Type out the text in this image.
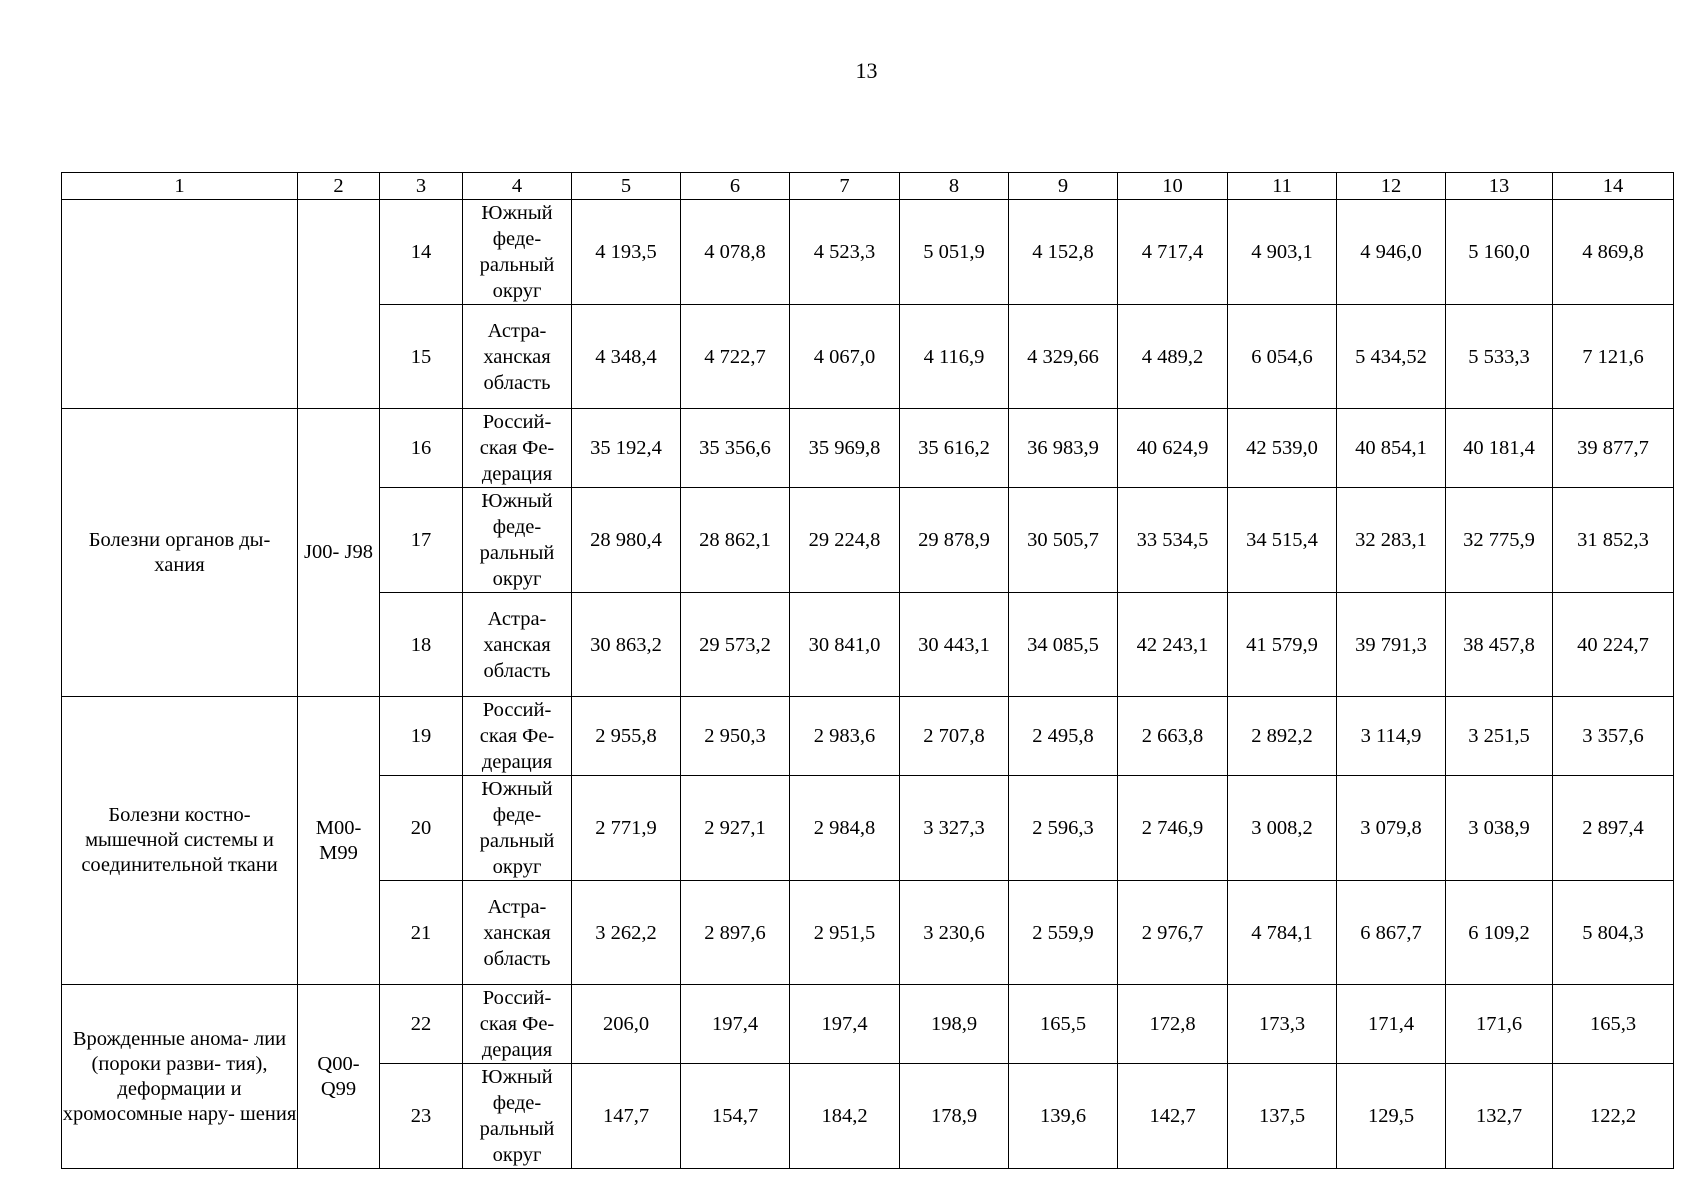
13
1	2	3	4	5	6	7	8	9	10	11	12	13	14
		14	Южный феде- ральный округ	4 193,5	4 078,8	4 523,3	5 051,9	4 152,8	4 717,4	4 903,1	4 946,0	5 160,0	4 869,8
		15	Астра- ханская область	4 348,4	4 722,7	4 067,0	4 116,9	4 329,66	4 489,2	6 054,6	5 434,52	5 533,3	7 121,6
Болезни органов ды- хания	J00- J98	16	Россий- ская Фе- дерация	35 192,4	35 356,6	35 969,8	35 616,2	36 983,9	40 624,9	42 539,0	40 854,1	40 181,4	39 877,7
		17	Южный феде- ральный округ	28 980,4	28 862,1	29 224,8	29 878,9	30 505,7	33 534,5	34 515,4	32 283,1	32 775,9	31 852,3
		18	Астра- ханская область	30 863,2	29 573,2	30 841,0	30 443,1	34 085,5	42 243,1	41 579,9	39 791,3	38 457,8	40 224,7
Болезни костно- мышечной системы и соединительной ткани	M00- M99	19	Россий- ская Фе- дерация	2 955,8	2 950,3	2 983,6	2 707,8	2 495,8	2 663,8	2 892,2	3 114,9	3 251,5	3 357,6
		20	Южный феде- ральный округ	2 771,9	2 927,1	2 984,8	3 327,3	2 596,3	2 746,9	3 008,2	3 079,8	3 038,9	2 897,4
		21	Астра- ханская область	3 262,2	2 897,6	2 951,5	3 230,6	2 559,9	2 976,7	4 784,1	6 867,7	6 109,2	5 804,3
Врожденные анома- лии (пороки разви- тия), деформации и хромосомные нару- шения	Q00- Q99	22	Россий- ская Фе- дерация	206,0	197,4	197,4	198,9	165,5	172,8	173,3	171,4	171,6	165,3
		23	Южный феде- ральный округ	147,7	154,7	184,2	178,9	139,6	142,7	137,5	129,5	132,7	122,2
